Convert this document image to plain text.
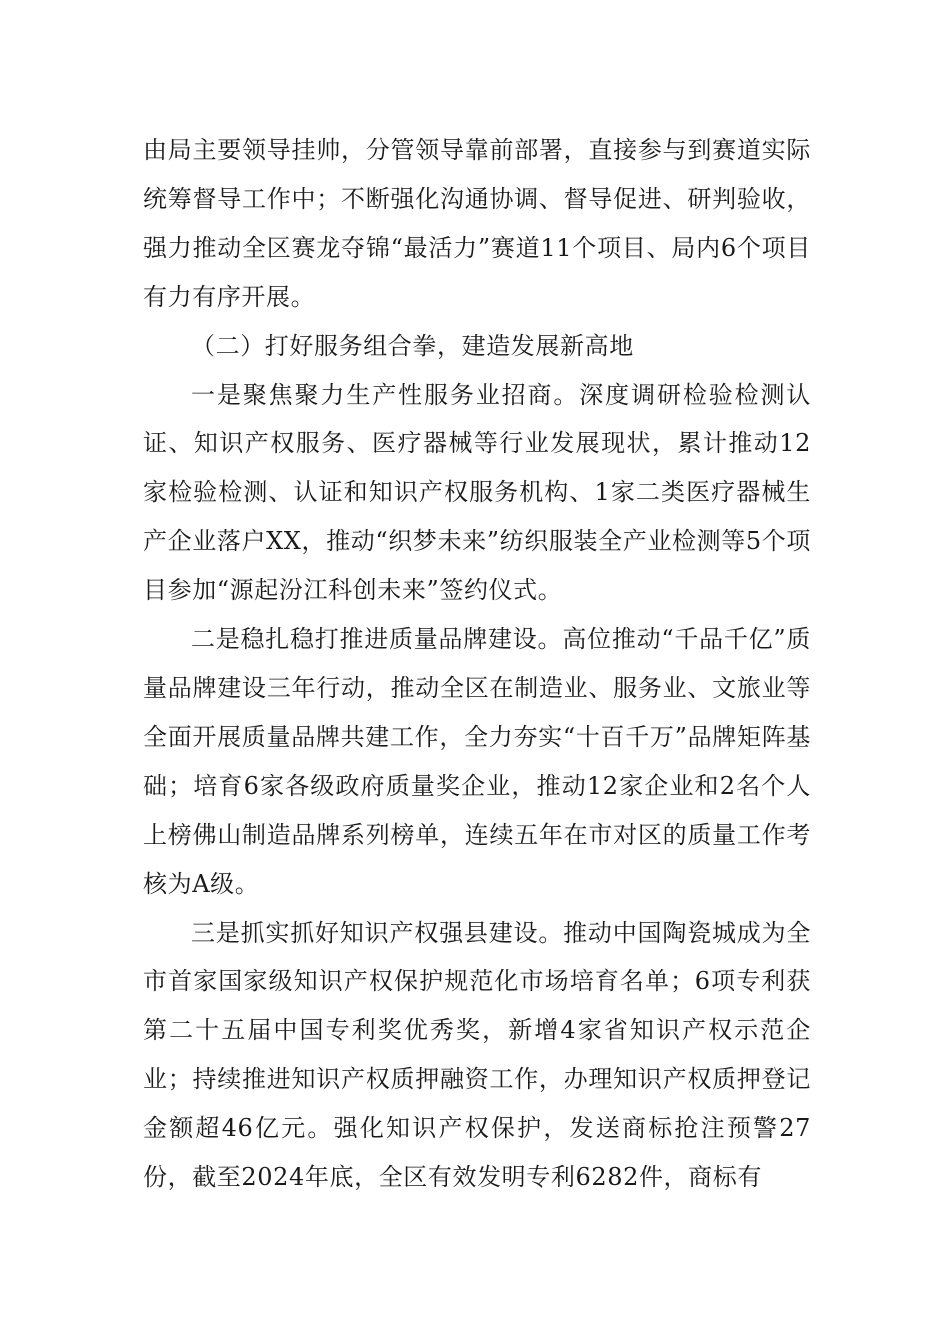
由局主要领导挂帅，分管领导靠前部署，直接参与到赛道实际统筹督导工作中；不断强化沟通协调、督导促进、研判验收，强力推动全区赛龙夺锦“最活力”赛道11个项目、局内6个项目有力有序开展。

（二）打好服务组合拳，建造发展新高地

一是聚焦聚力生产性服务业招商。深度调研检验检测认证、知识产权服务、医疗器械等行业发展现状，累计推动12家检验检测、认证和知识产权服务机构、1家二类医疗器械生产企业落户XX，推动“织梦未来”纺织服装全产业检测等5个项目参加“源起汾江科创未来”签约仪式。

二是稳扎稳打推进质量品牌建设。高位推动“千品千亿”质量品牌建设三年行动，推动全区在制造业、服务业、文旅业等全面开展质量品牌共建工作，全力夯实“十百千万”品牌矩阵基础；培育6家各级政府质量奖企业，推动12家企业和2名个人上榜佛山制造品牌系列榜单，连续五年在市对区的质量工作考核为A级。

三是抓实抓好知识产权强县建设。推动中国陶瓷城成为全市首家国家级知识产权保护规范化市场培育名单；6项专利获第二十五届中国专利奖优秀奖，新增4家省知识产权示范企业；持续推进知识产权质押融资工作，办理知识产权质押登记金额超46亿元。强化知识产权保护，发送商标抢注预警27份，截至2024年底，全区有效发明专利6282件，商标有
